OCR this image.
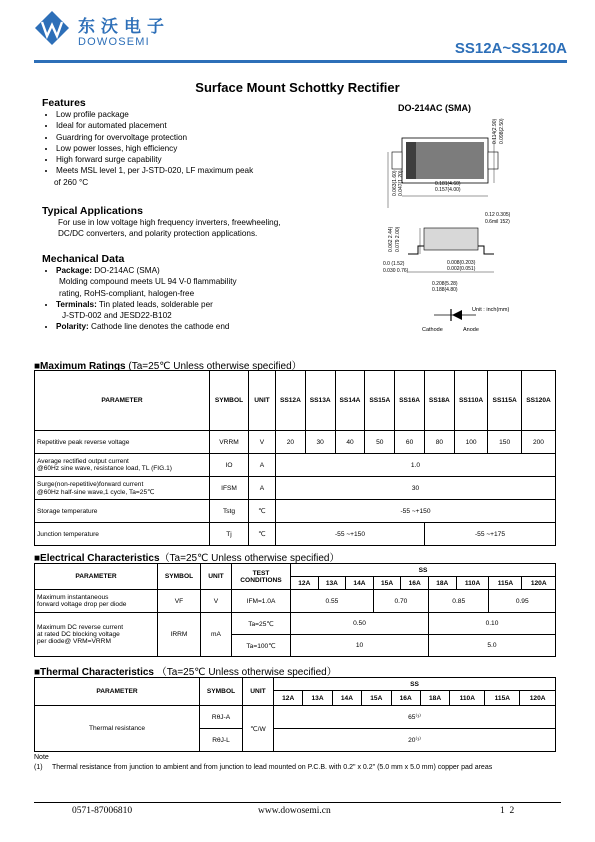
东沃电子
DOWOSEMI	SS12A~SS120A
Surface Mount Schottky Rectifier
Features
• Low profile package
• Ideal for automated placement
• Guardring for overvoltage protection
• Low power losses, high efficiency
• High forward surge capability
• Meets MSL level 1, per J-STD-020, LF maximum peak
of 260 °C
Typical Applications
For use in low voltage high frequency inverters, freewheeling,
DC/DC converters, and polarity protection applications.
Mechanical Data
• Package: DO-214AC (SMA)
Molding compound meets UL 94 V-0 flammability
rating, RoHS-compliant, halogen-free
• Terminals: Tin plated leads, solderable per
J-STD-002 and JESD22-B102
• Polarity: Cathode line denotes the cathode end
DO-214AC (SMA)
0.114(2.90) 0.098(2.50)
0.181(4.60)
0.157(4.00)
0.063(1.60) 0.047(1.20)
0.12 0.305)
0.6mil 152)
0.062 2.44) 0.079 2.00)
0.0 (1.52)
0.030 0.76)
0.008(0.203)
0.002(0.051)
0.208(5.28)
0.188(4.80)
Unit : inch(mm)
Cathode	Anode
■Maximum Ratings (Ta=25℃ Unless otherwise specified）
PARAMETER	SYMBOL	UNIT	SS12A	SS13A	SS14A	SS15A	SS16A	SS18A	SS110A	SS115A	SS120A
Repetitive peak reverse voltage	VRRM	V	20	30	40	50	60	80	100	150	200

Average rectified output current
@60Hz sine wave, resistance load, TL (FIG.1)	IO	A	1.0								

Surge(non-repetitive)forward current
@60Hz half-sine wave,1 cycle, Ta=25℃	IFSM	A	30								
Storage temperature	Tstg	℃	-55 ~+150								
Junction temperature	Tj	℃	-55 ~+150					-55 ~+175			
■Electrical Characteristics（Ta=25℃ Unless otherwise specified）
PARAMETER	SYMBOL	UNIT	TEST
CONDITIONS	SS								
				12A	13A	14A	15A	16A	18A	110A	115A	120A

Maximum instantaneous
forward voltage drop per diode	VF	V	IFM=1.0A	0.55			0.70		0.85		0.95	

Maximum DC reverse current
at rated DC blocking voltage
per diode@ VRM=VRRM	IRRM	mA	Ta=25℃	0.50					0.10			
			Ta=100℃	10					5.0			
■Thermal Characteristics （Ta=25℃ Unless otherwise specified）
PARAMETER	SYMBOL	UNIT	SS								
			12A	13A	14A	15A	16A	18A	110A	115A	120A
Thermal resistance	RθJ-A	℃/W	65⁽¹⁾								
	RθJ-L		20⁽¹⁾								
Note
(1) Thermal resistance from junction to ambient and from junction to lead mounted on P.C.B. with 0.2" x 0.2" (5.0 mm x 5.0 mm) copper pad areas
0571-87006810	www.dowosemi.cn	1  2
